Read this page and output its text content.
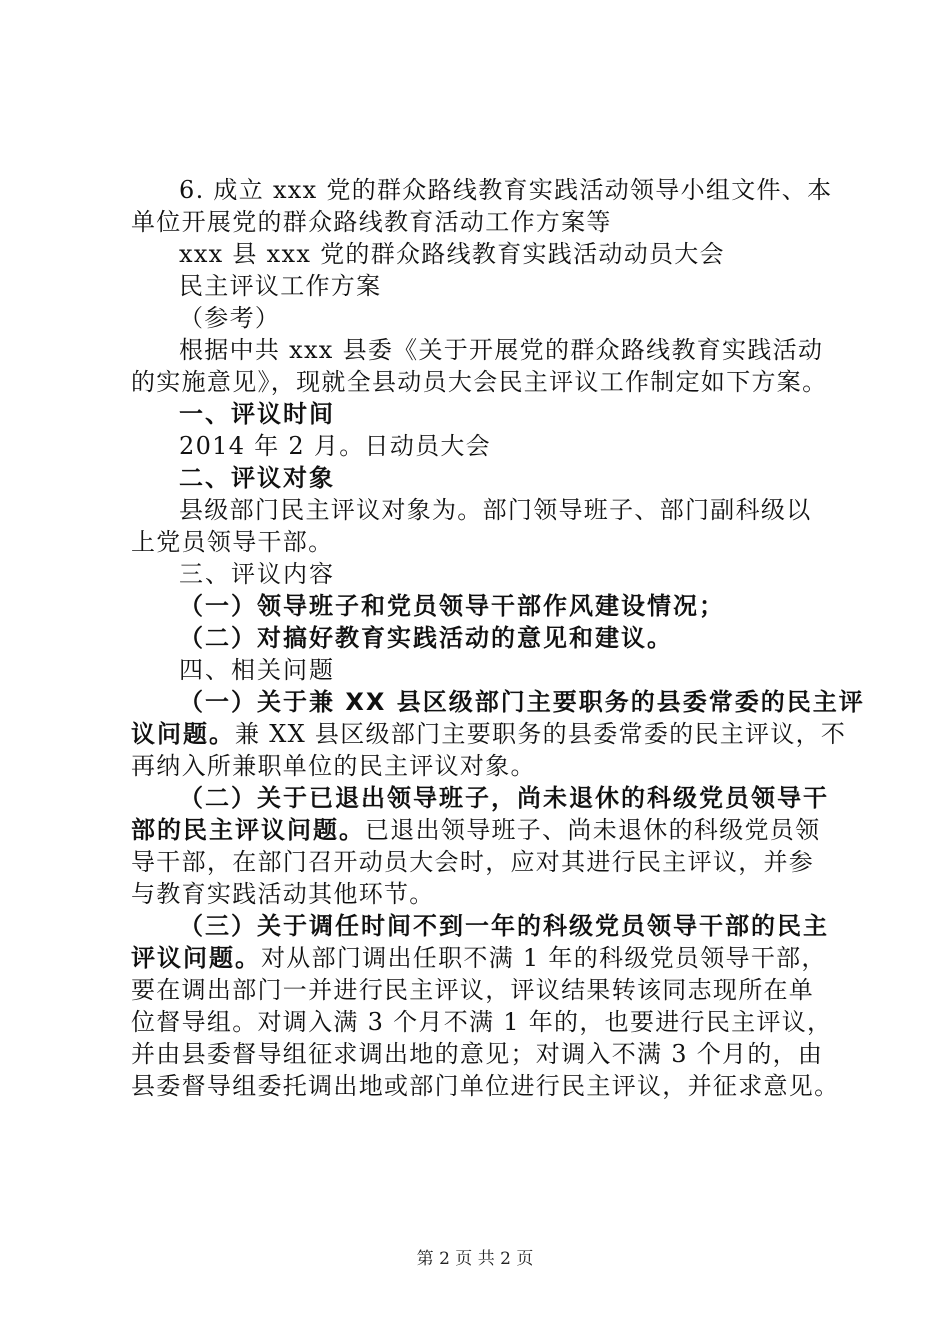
6. 成立 xxx 党的群众路线教育实践活动领导小组文件、本
单位开展党的群众路线教育活动工作方案等
xxx 县 xxx 党的群众路线教育实践活动动员大会
民主评议工作方案
（参考）
根据中共 xxx 县委《关于开展党的群众路线教育实践活动
的实施意见》，现就全县动员大会民主评议工作制定如下方案。
一、评议时间
2014 年 2 月。日动员大会
二、评议对象
县级部门民主评议对象为。部门领导班子、部门副科级以
上党员领导干部。
三、评议内容
（一）领导班子和党员领导干部作风建设情况；
（二）对搞好教育实践活动的意见和建议。
四、相关问题
（一）关于兼 XX 县区级部门主要职务的县委常委的民主评
议问题。兼 XX 县区级部门主要职务的县委常委的民主评议，不
再纳入所兼职单位的民主评议对象。
（二）关于已退出领导班子，尚未退休的科级党员领导干
部的民主评议问题。已退出领导班子、尚未退休的科级党员领
导干部，在部门召开动员大会时，应对其进行民主评议，并参
与教育实践活动其他环节。
（三）关于调任时间不到一年的科级党员领导干部的民主
评议问题。对从部门调出任职不满 1 年的科级党员领导干部，
要在调出部门一并进行民主评议，评议结果转该同志现所在单
位督导组。对调入满 3 个月不满 1 年的，也要进行民主评议，
并由县委督导组征求调出地的意见；对调入不满 3 个月的，由
县委督导组委托调出地或部门单位进行民主评议，并征求意见。
第 2 页 共 2 页
